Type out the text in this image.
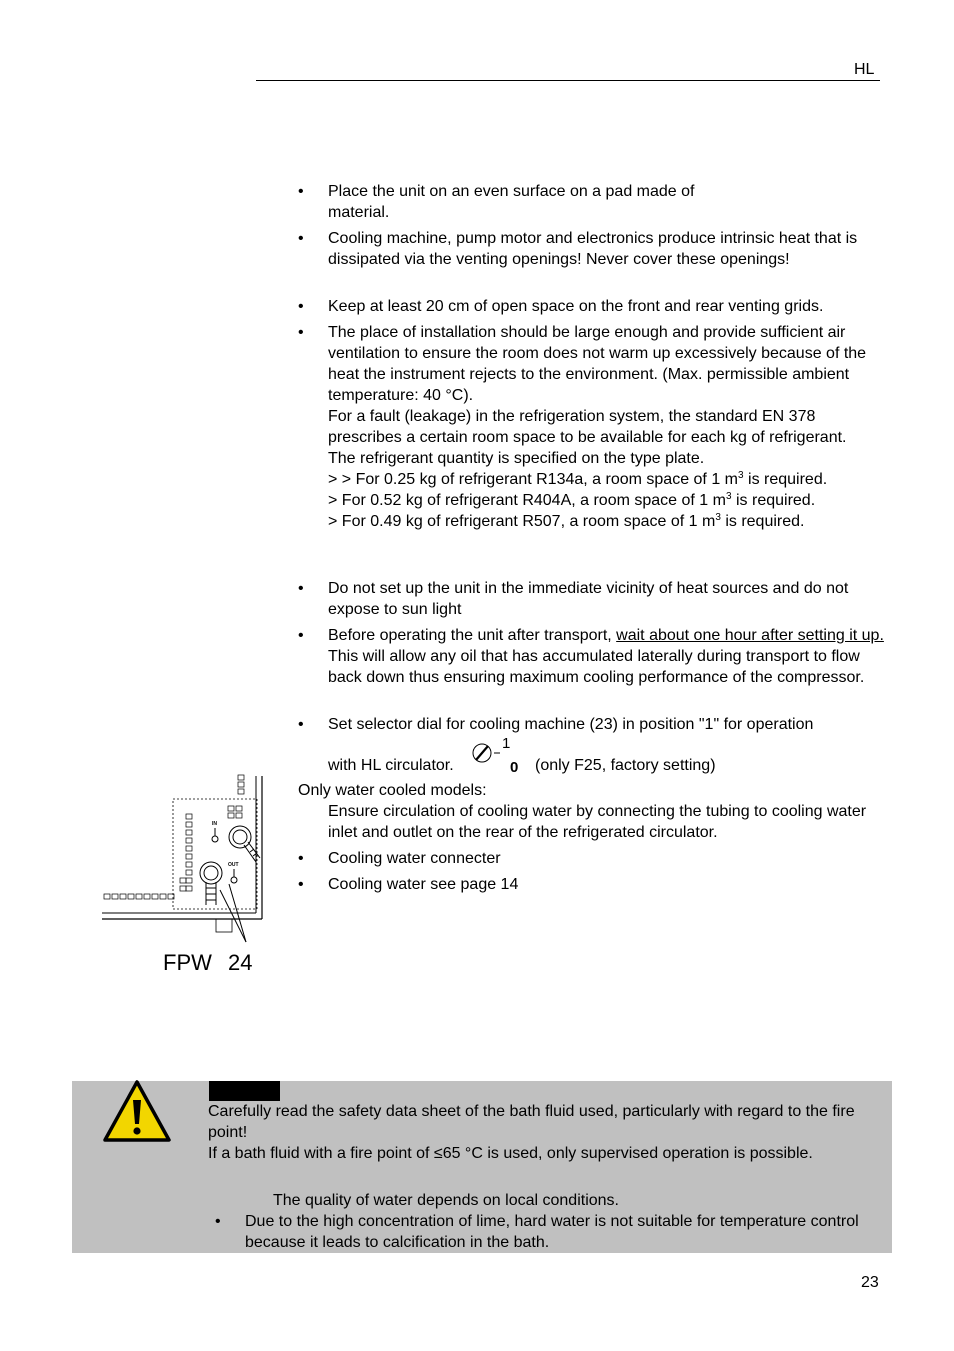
HL
•	Place the unit on an even surface on a pad made of
material.
•	Cooling machine, pump motor and electronics produce intrinsic heat that is dissipated via the venting openings! Never cover these openings!
•	Keep at least 20 cm of open space on the front and rear venting grids.
•	The place of installation should be large enough and provide sufficient air ventilation to ensure the room does not warm up excessively because of the heat the instrument rejects to the environment. (Max. permissible ambient temperature: 40 °C).
For a fault (leakage) in the refrigeration system, the standard EN 378 prescribes a certain room space to be available for each kg of refrigerant.
The refrigerant quantity is specified on the type plate.
> > For 0.25 kg of refrigerant R134a, a room space of 1 $m^3$ is required.
> For 0.52 kg of refrigerant R404A, a room space of 1 $m^3$ is required.
> For 0.49 kg of refrigerant R507, a room space of 1 $m^3$ is required.
•	Do not set up the unit in the immediate vicinity of heat sources and do not expose to sun light
•	Before operating the unit after transport, wait about one hour after setting it up. This will allow any oil that has accumulated laterally during transport to flow back down thus ensuring maximum cooling performance of the compressor.
•	Set selector dial for cooling machine (23) in position "1" for operation
with HL circulator.
1
0 (only F25, factory setting)
Only water cooled models:
Ensure circulation of cooling water by connecting the tubing to cooling water inlet and outlet on the rear of the refrigerated circulator.
•	Cooling water connecter
•	Cooling water see page 14
IN
OUT
FPW 24
Carefully read the safety data sheet of the bath fluid used, particularly with regard to the fire point!
If a bath fluid with a fire point of ≤65 °C is used, only supervised operation is possible.
The quality of water depends on local conditions.
• Due to the high concentration of lime, hard water is not suitable for temperature control because it leads to calcification in the bath.
23
